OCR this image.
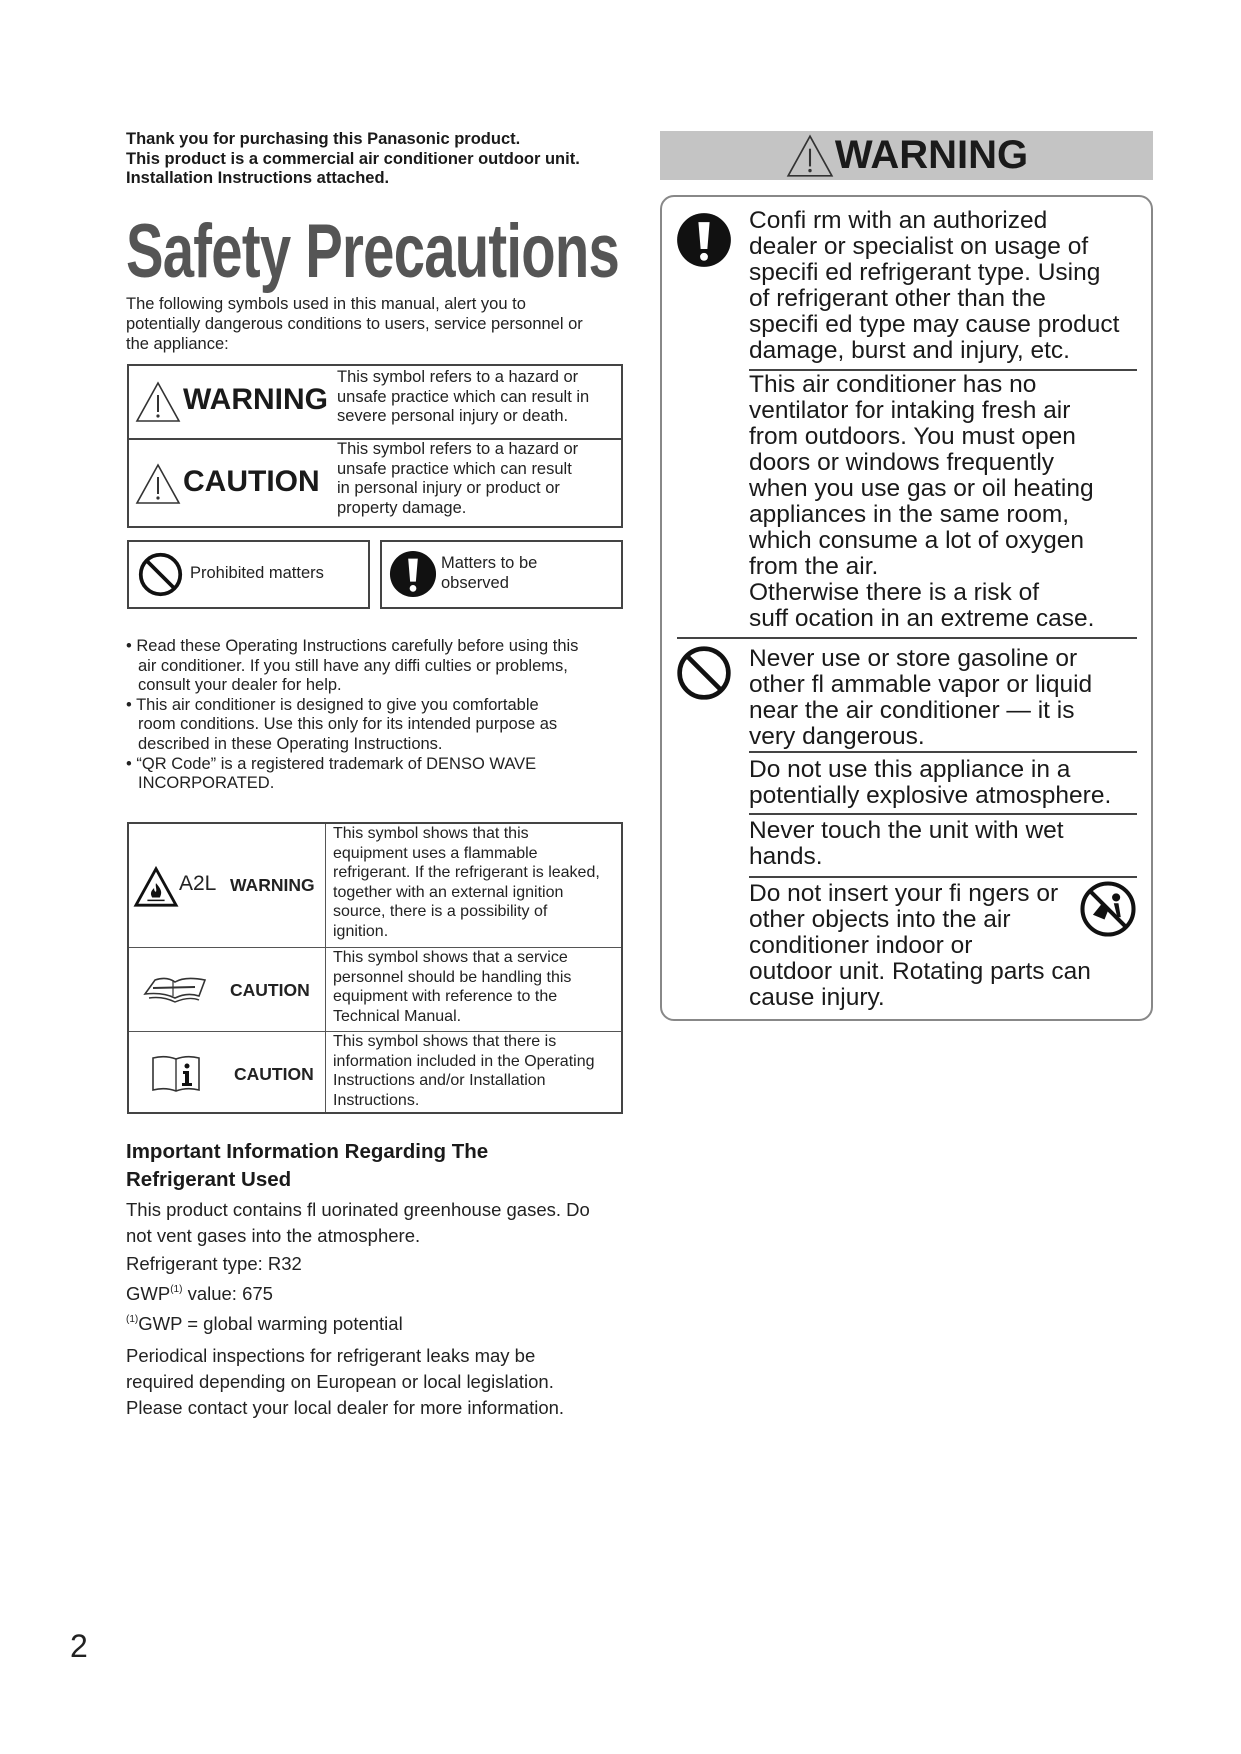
Thank you for purchasing this Panasonic product.
This product is a commercial air conditioner outdoor unit.
Installation Instructions attached.
Safety Precautions
The following symbols used in this manual, alert you to
potentially dangerous conditions to users, service personnel or
the appliance:
WARNING
This symbol refers to a hazard or
unsafe practice which can result in
severe personal injury or death.
CAUTION
This symbol refers to a hazard or
unsafe practice which can result
in personal injury or product or
property damage.
Prohibited matters
Matters to be
observed
• Read these Operating Instructions carefully before using this
air conditioner. If you still have any diffi culties or problems,
consult your dealer for help.
• This air conditioner is designed to give you comfortable
room conditions. Use this only for its intended purpose as
described in these Operating Instructions.
• “QR Code” is a registered trademark of DENSO WAVE
INCORPORATED.
A2L WARNING
This symbol shows that this
equipment uses a flammable
refrigerant. If the refrigerant is leaked,
together with an external ignition
source, there is a possibility of
ignition.
CAUTION
This symbol shows that a service
personnel should be handling this
equipment with reference to the
Technical Manual.
CAUTION
This symbol shows that there is
information included in the Operating
Instructions and/or Installation
Instructions.
Important Information Regarding The
Refrigerant Used

This product contains fl uorinated greenhouse gases. Do
not vent gases into the atmosphere.

Refrigerant type: R32

GWP$^{(1)}$ value: 675

$^{(1)}$GWP = global warming potential

Periodical inspections for refrigerant leaks may be
required depending on European or local legislation.
Please contact your local dealer for more information.

2
WARNING
Confi rm with an authorized
dealer or specialist on usage of
specifi ed refrigerant type. Using
of refrigerant other than the
specifi ed type may cause product
damage, burst and injury, etc.
This air conditioner has no
ventilator for intaking fresh air
from outdoors. You must open
doors or windows frequently
when you use gas or oil heating
appliances in the same room,
which consume a lot of oxygen
from the air.
Otherwise there is a risk of
suff ocation in an extreme case.
Never use or store gasoline or
other fl ammable vapor or liquid
near the air conditioner — it is
very dangerous.
Do not use this appliance in a
potentially explosive atmosphere.
Never touch the unit with wet
hands.
Do not insert your fi ngers or
other objects into the air
conditioner indoor or
outdoor unit. Rotating parts can
cause injury.
